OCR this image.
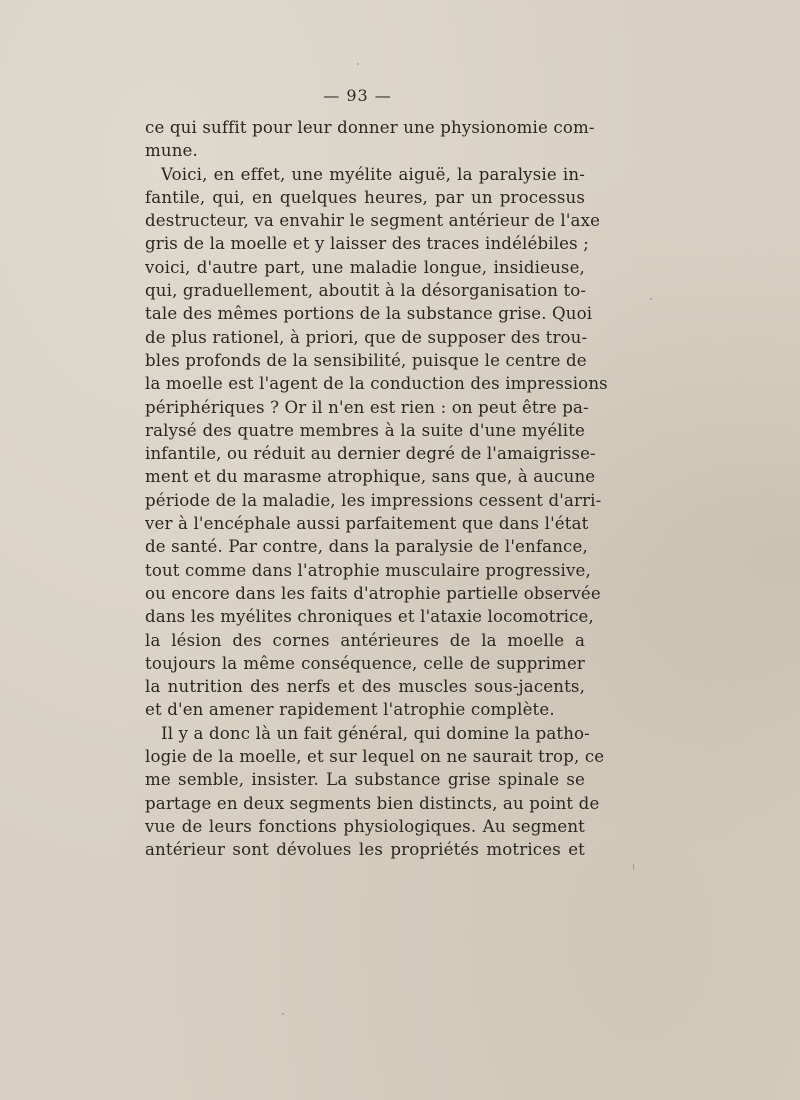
— 93 —
ce qui suffit pour leur donner une physionomie com-
mune.
Voici, en effet, une myélite aiguë, la paralysie in-
fantile, qui, en quelques heures, par un processus
destructeur, va envahir le segment antérieur de l'axe
gris de la moelle et y laisser des traces indélébiles ;
voici, d'autre part, une maladie longue, insidieuse,
qui, graduellement, aboutit à la désorganisation to-
tale des mêmes portions de la substance grise. Quoi
de plus rationel, à priori, que de supposer des trou-
bles profonds de la sensibilité, puisque le centre de
la moelle est l'agent de la conduction des impressions
périphériques ? Or il n'en est rien : on peut être pa-
ralysé des quatre membres à la suite d'une myélite
infantile, ou réduit au dernier degré de l'amaigrisse-
ment et du marasme atrophique, sans que, à aucune
période de la maladie, les impressions cessent d'arri-
ver à l'encéphale aussi parfaitement que dans l'état
de santé. Par contre, dans la paralysie de l'enfance,
tout comme dans l'atrophie musculaire progressive,
ou encore dans les faits d'atrophie partielle observée
dans les myélites chroniques et l'ataxie locomotrice,
la lésion des cornes antérieures de la moelle a
toujours la même conséquence, celle de supprimer
la nutrition des nerfs et des muscles sous-jacents,
et d'en amener rapidement l'atrophie complète.
Il y a donc là un fait général, qui domine la patho-
logie de la moelle, et sur lequel on ne saurait trop, ce
me semble, insister. La substance grise spinale se
partage en deux segments bien distincts, au point de
vue de leurs fonctions physiologiques. Au segment
antérieur sont dévolues les propriétés motrices et
